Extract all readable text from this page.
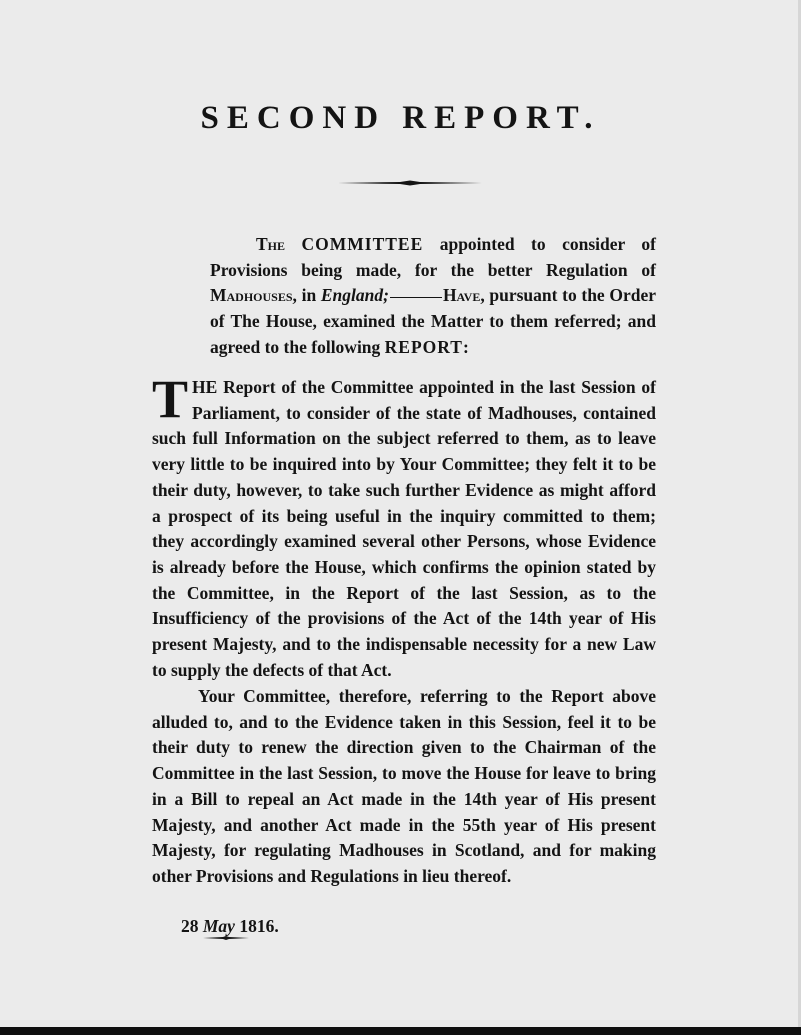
SECOND REPORT.

The COMMITTEE appointed to consider of Provisions being made, for the better Regulation of Madhouses, in England;	Have, pursuant to the Order of The House, examined the Matter to them referred; and agreed to the following REPORT:

THE Report of the Committee appointed in the last Session of Parliament, to consider of the state of Madhouses, contained such full Information on the subject referred to them, as to leave very little to be inquired into by Your Committee; they felt it to be their duty, however, to take such further Evidence as might afford a prospect of its being useful in the inquiry committed to them; they accordingly examined several other Persons, whose Evidence is already before the House, which confirms the opinion stated by the Committee, in the Report of the last Session, as to the Insufficiency of the provisions of the Act of the 14th year of His present Majesty, and to the indispensable necessity for a new Law to supply the defects of that Act.

Your Committee, therefore, referring to the Report above alluded to, and to the Evidence taken in this Session, feel it to be their duty to renew the direction given to the Chairman of the Committee in the last Session, to move the House for leave to bring in a Bill to repeal an Act made in the 14th year of His present Majesty, and another Act made in the 55th year of His present Majesty, for regulating Madhouses in Scotland, and for making other Provisions and Regulations in lieu thereof.

28 May 1816.
